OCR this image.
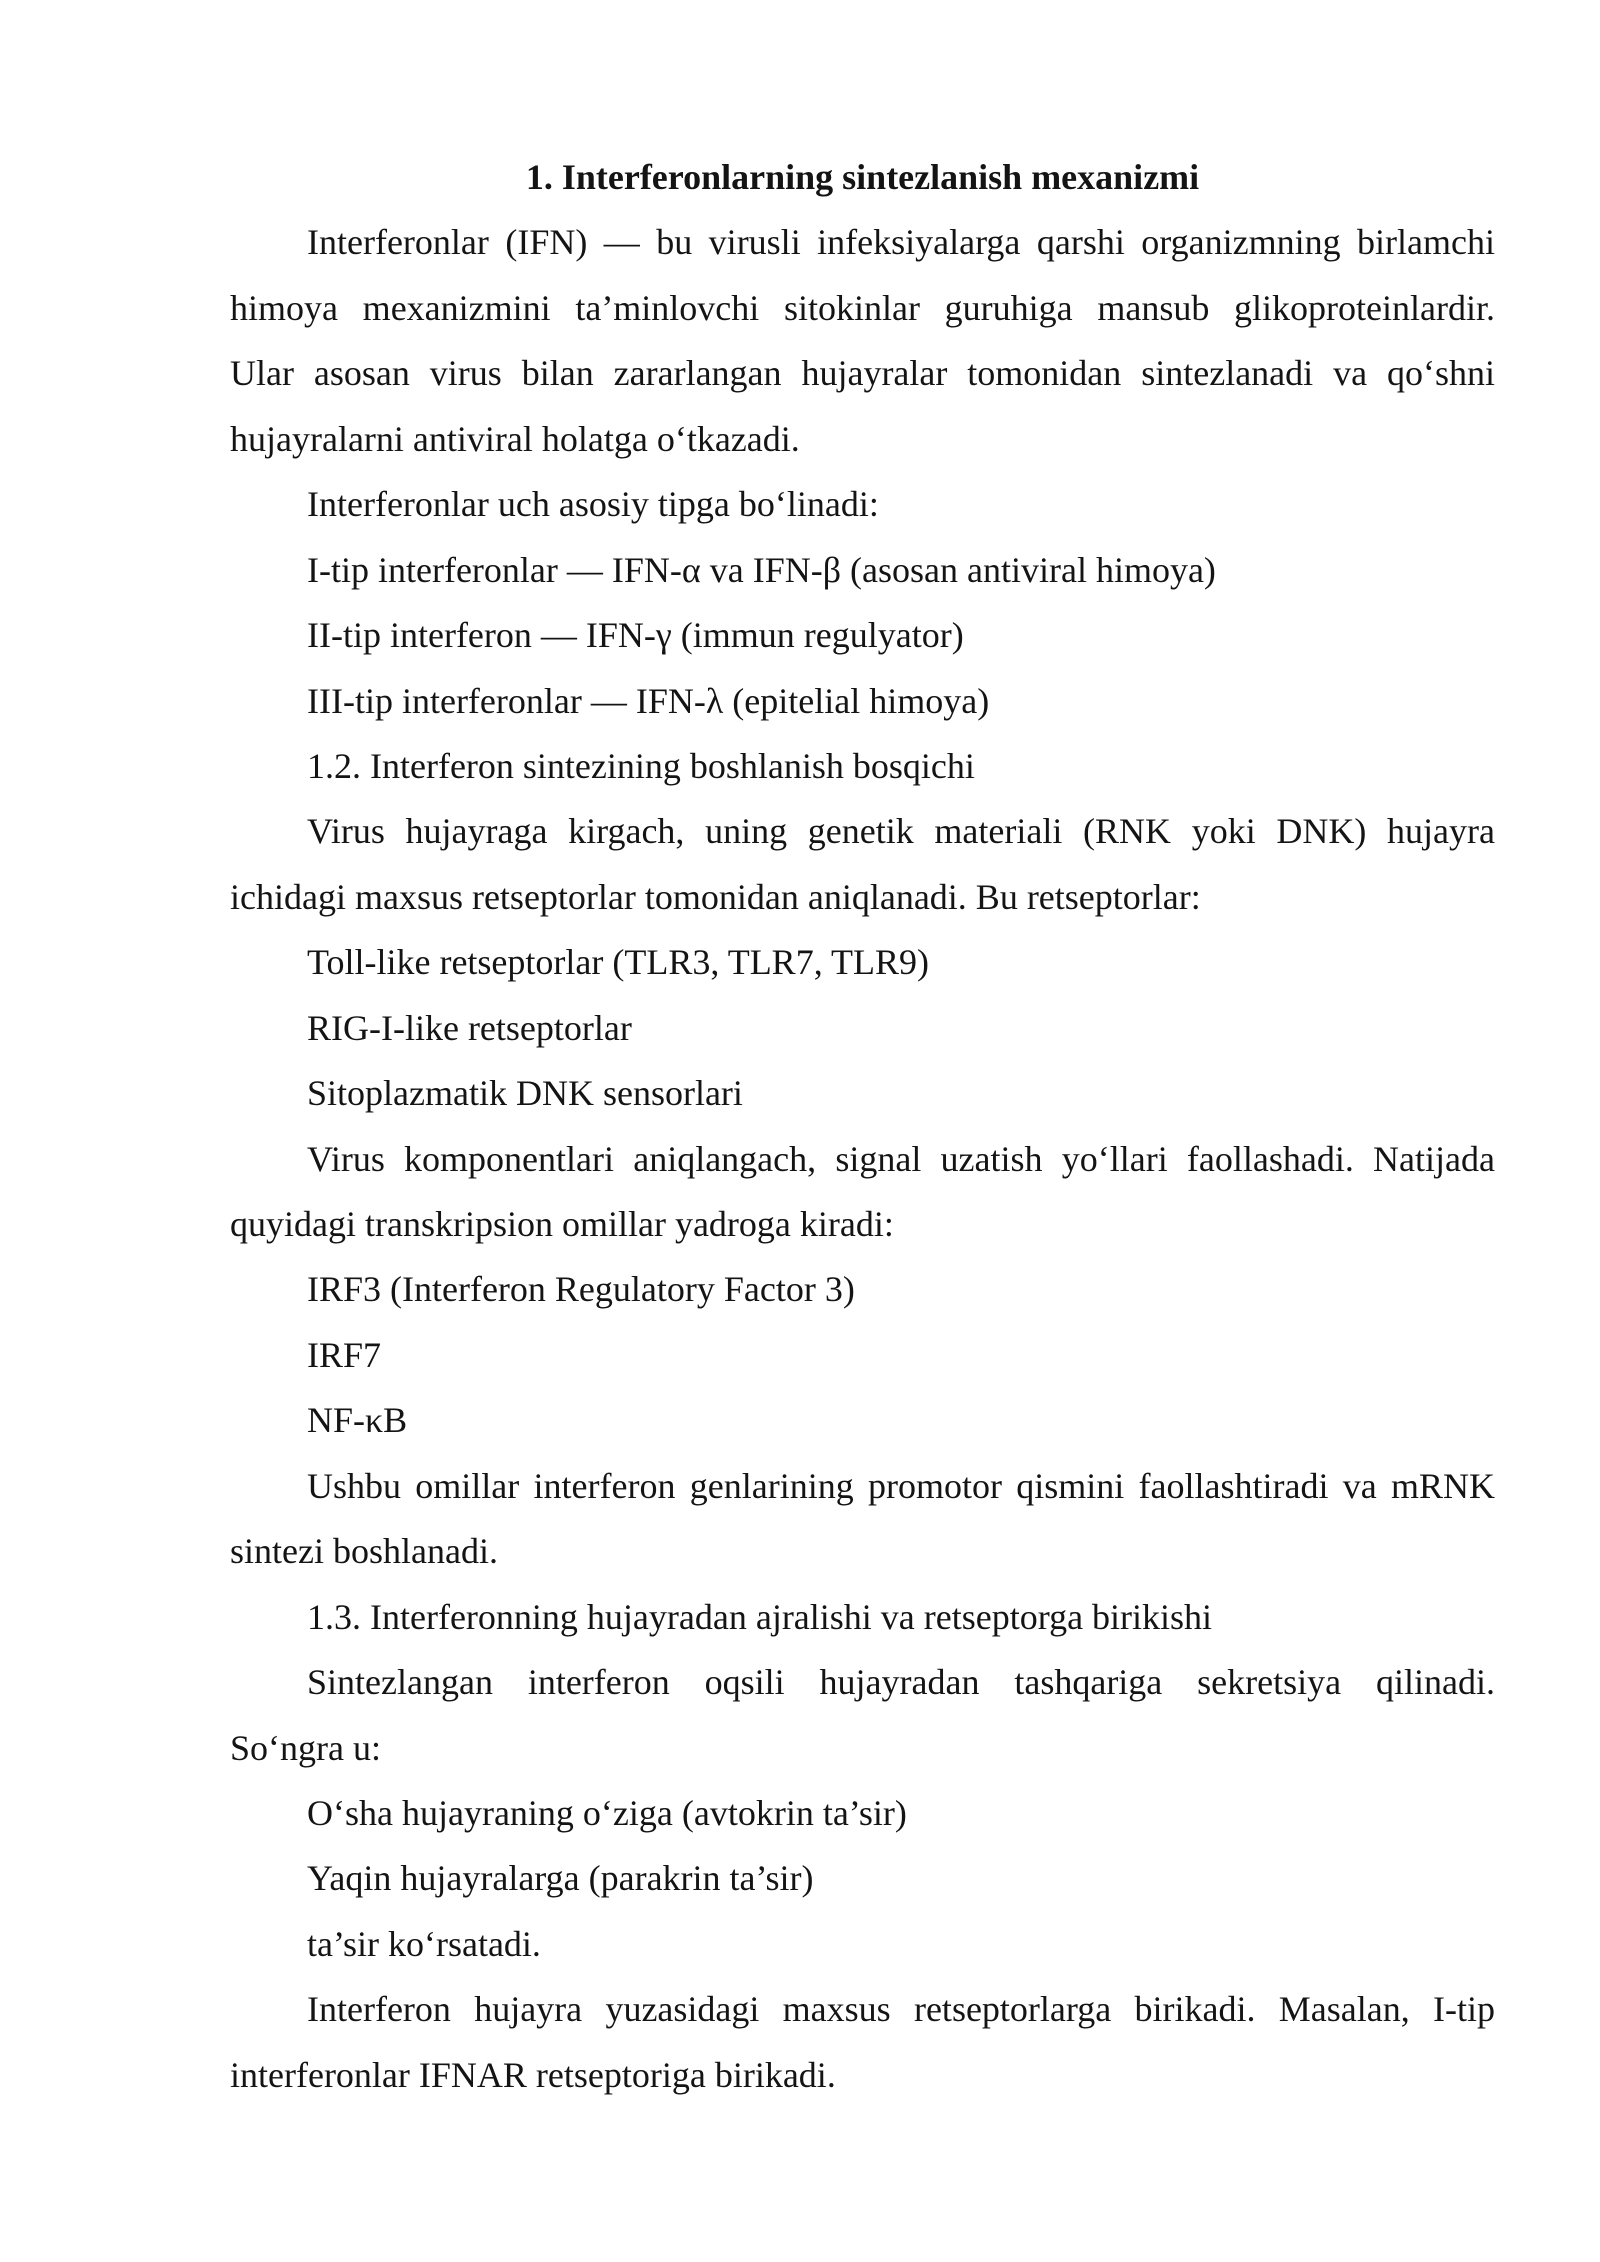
1. Interferonlarning sintezlanish mexanizmi
Interferonlar (IFN) — bu virusli infeksiyalarga qarshi organizmning birlamchi
himoya mexanizmini ta’minlovchi sitokinlar guruhiga mansub glikoproteinlardir.
Ular asosan virus bilan zararlangan hujayralar tomonidan sintezlanadi va qo‘shni
hujayralarni antiviral holatga o‘tkazadi.
Interferonlar uch asosiy tipga bo‘linadi:
I-tip interferonlar — IFN-α va IFN-β (asosan antiviral himoya)
II-tip interferon — IFN-γ (immun regulyator)
III-tip interferonlar — IFN-λ (epitelial himoya)
1.2. Interferon sintezining boshlanish bosqichi
Virus hujayraga kirgach, uning genetik materiali (RNK yoki DNK) hujayra
ichidagi maxsus retseptorlar tomonidan aniqlanadi. Bu retseptorlar:
Toll-like retseptorlar (TLR3, TLR7, TLR9)
RIG-I-like retseptorlar
Sitoplazmatik DNK sensorlari
Virus komponentlari aniqlangach, signal uzatish yo‘llari faollashadi. Natijada
quyidagi transkripsion omillar yadroga kiradi:
IRF3 (Interferon Regulatory Factor 3)
IRF7
NF-κB
Ushbu omillar interferon genlarining promotor qismini faollashtiradi va mRNK
sintezi boshlanadi.
1.3. Interferonning hujayradan ajralishi va retseptorga birikishi
Sintezlangan interferon oqsili hujayradan tashqariga sekretsiya qilinadi.
So‘ngra u:
O‘sha hujayraning o‘ziga (avtokrin ta’sir)
Yaqin hujayralarga (parakrin ta’sir)
ta’sir ko‘rsatadi.
Interferon hujayra yuzasidagi maxsus retseptorlarga birikadi. Masalan, I-tip
interferonlar IFNAR retseptoriga birikadi.
